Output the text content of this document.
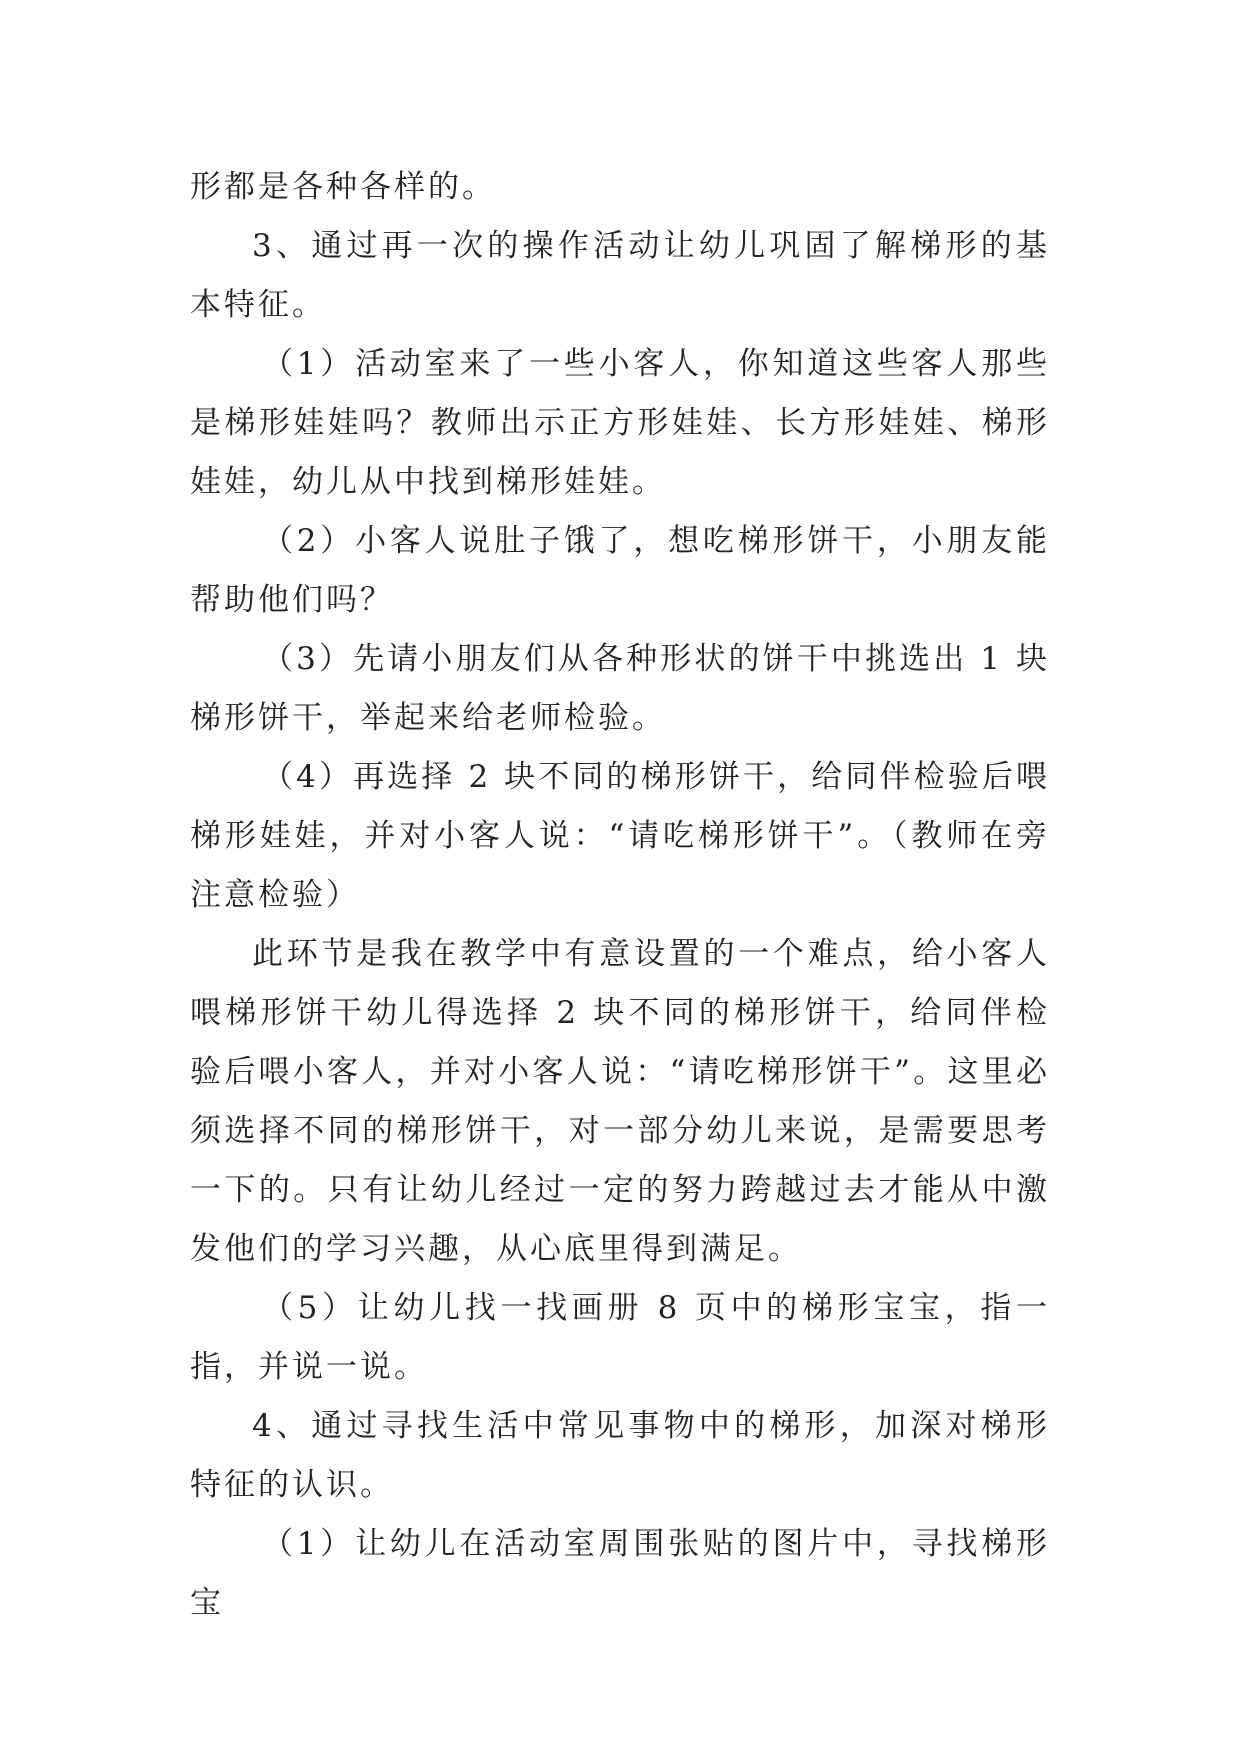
形都是各种各样的。

3、通过再一次的操作活动让幼儿巩固了解梯形的基本特征。

（1）活动室来了一些小客人，你知道这些客人那些是梯形娃娃吗？教师出示正方形娃娃、长方形娃娃、梯形娃娃，幼儿从中找到梯形娃娃。

（2）小客人说肚子饿了，想吃梯形饼干，小朋友能帮助他们吗？

（3）先请小朋友们从各种形状的饼干中挑选出 1 块梯形饼干，举起来给老师检验。

（4）再选择 2 块不同的梯形饼干，给同伴检验后喂梯形娃娃，并对小客人说：“请吃梯形饼干”。（教师在旁注意检验）

此环节是我在教学中有意设置的一个难点，给小客人喂梯形饼干幼儿得选择 2 块不同的梯形饼干，给同伴检验后喂小客人，并对小客人说：“请吃梯形饼干”。这里必须选择不同的梯形饼干，对一部分幼儿来说，是需要思考一下的。只有让幼儿经过一定的努力跨越过去才能从中激发他们的学习兴趣，从心底里得到满足。

（5）让幼儿找一找画册 8 页中的梯形宝宝，指一指，并说一说。

4、通过寻找生活中常见事物中的梯形，加深对梯形特征的认识。

（1）让幼儿在活动室周围张贴的图片中，寻找梯形宝
